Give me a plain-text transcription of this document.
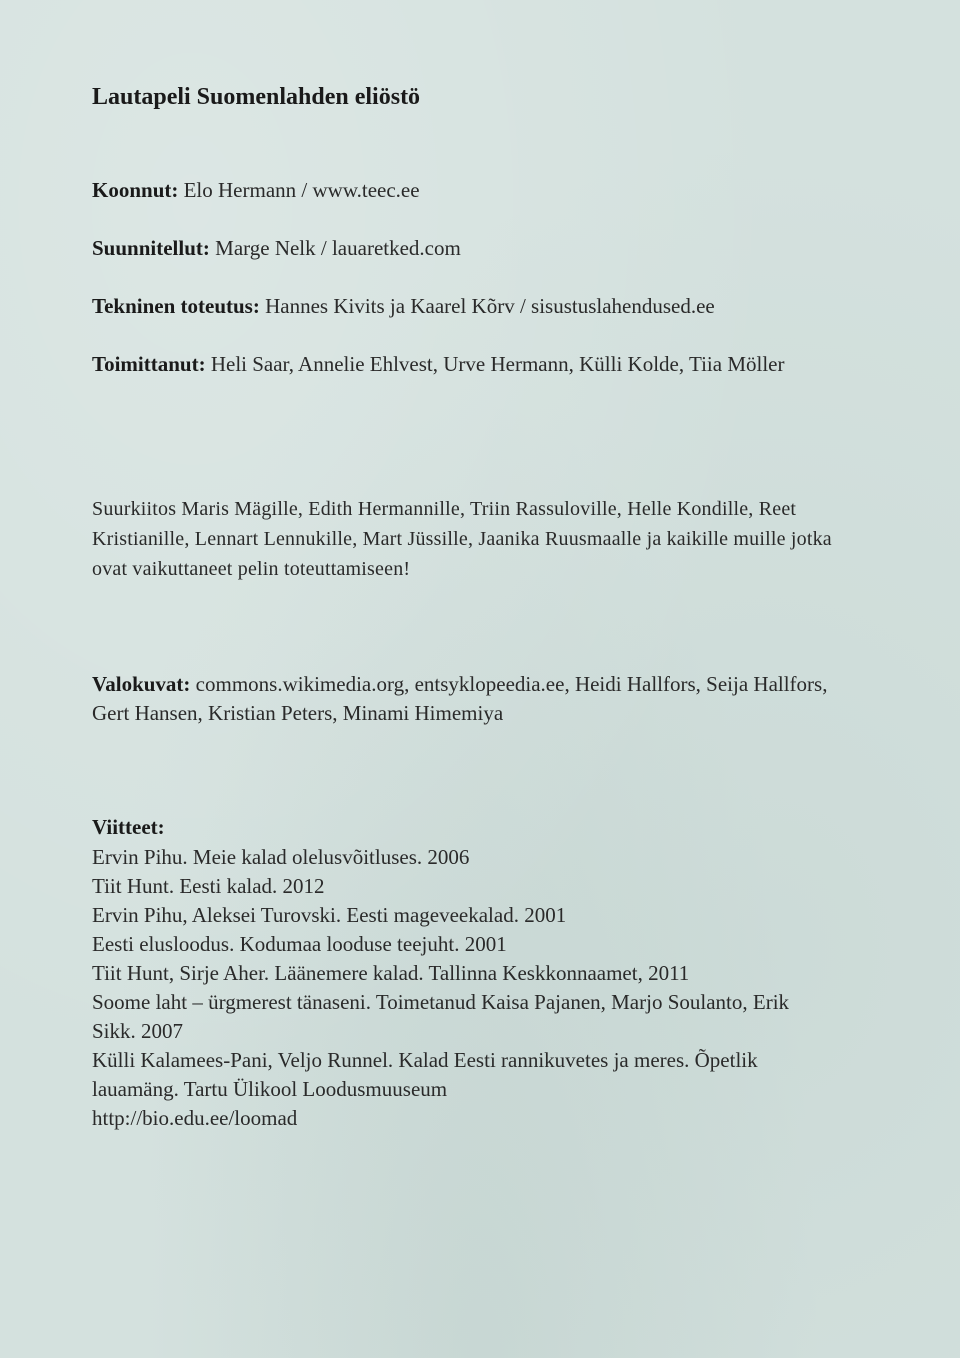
Lautapeli Suomenlahden eliöstö

Koonnut: Elo Hermann / www.teec.ee

Suunnitellut: Marge Nelk / lauaretked.com

Tekninen toteutus: Hannes Kivits ja Kaarel Kõrv / sisustuslahendused.ee

Toimittanut: Heli Saar, Annelie Ehlvest, Urve Hermann, Külli Kolde, Tiia Möller

Suurkiitos Maris Mägille, Edith Hermannille, Triin Rassuloville, Helle Kondille, Reet Kristianille, Lennart Lennukille, Mart Jüssille, Jaanika Ruusmaalle ja kaikille muille jotka ovat vaikuttaneet pelin toteuttamiseen!

Valokuvat: commons.wikimedia.org, entsyklopeedia.ee, Heidi Hallfors, Seija Hallfors, Gert Hansen, Kristian Peters, Minami Himemiya

Viitteet:

Ervin Pihu. Meie kalad olelusvõitluses. 2006
Tiit Hunt. Eesti kalad. 2012
Ervin Pihu, Aleksei Turovski. Eesti mageveekalad. 2001
Eesti elusloodus. Kodumaa looduse teejuht. 2001
Tiit Hunt, Sirje Aher. Läänemere kalad. Tallinna Keskkonnaamet, 2011
Soome laht – ürgmerest tänaseni. Toimetanud Kaisa Pajanen, Marjo Soulanto, Erik Sikk. 2007
Külli Kalamees-Pani, Veljo Runnel. Kalad Eesti rannikuvetes ja meres. Õpetlik lauamäng. Tartu Ülikool Loodusmuuseum
http://bio.edu.ee/loomad
